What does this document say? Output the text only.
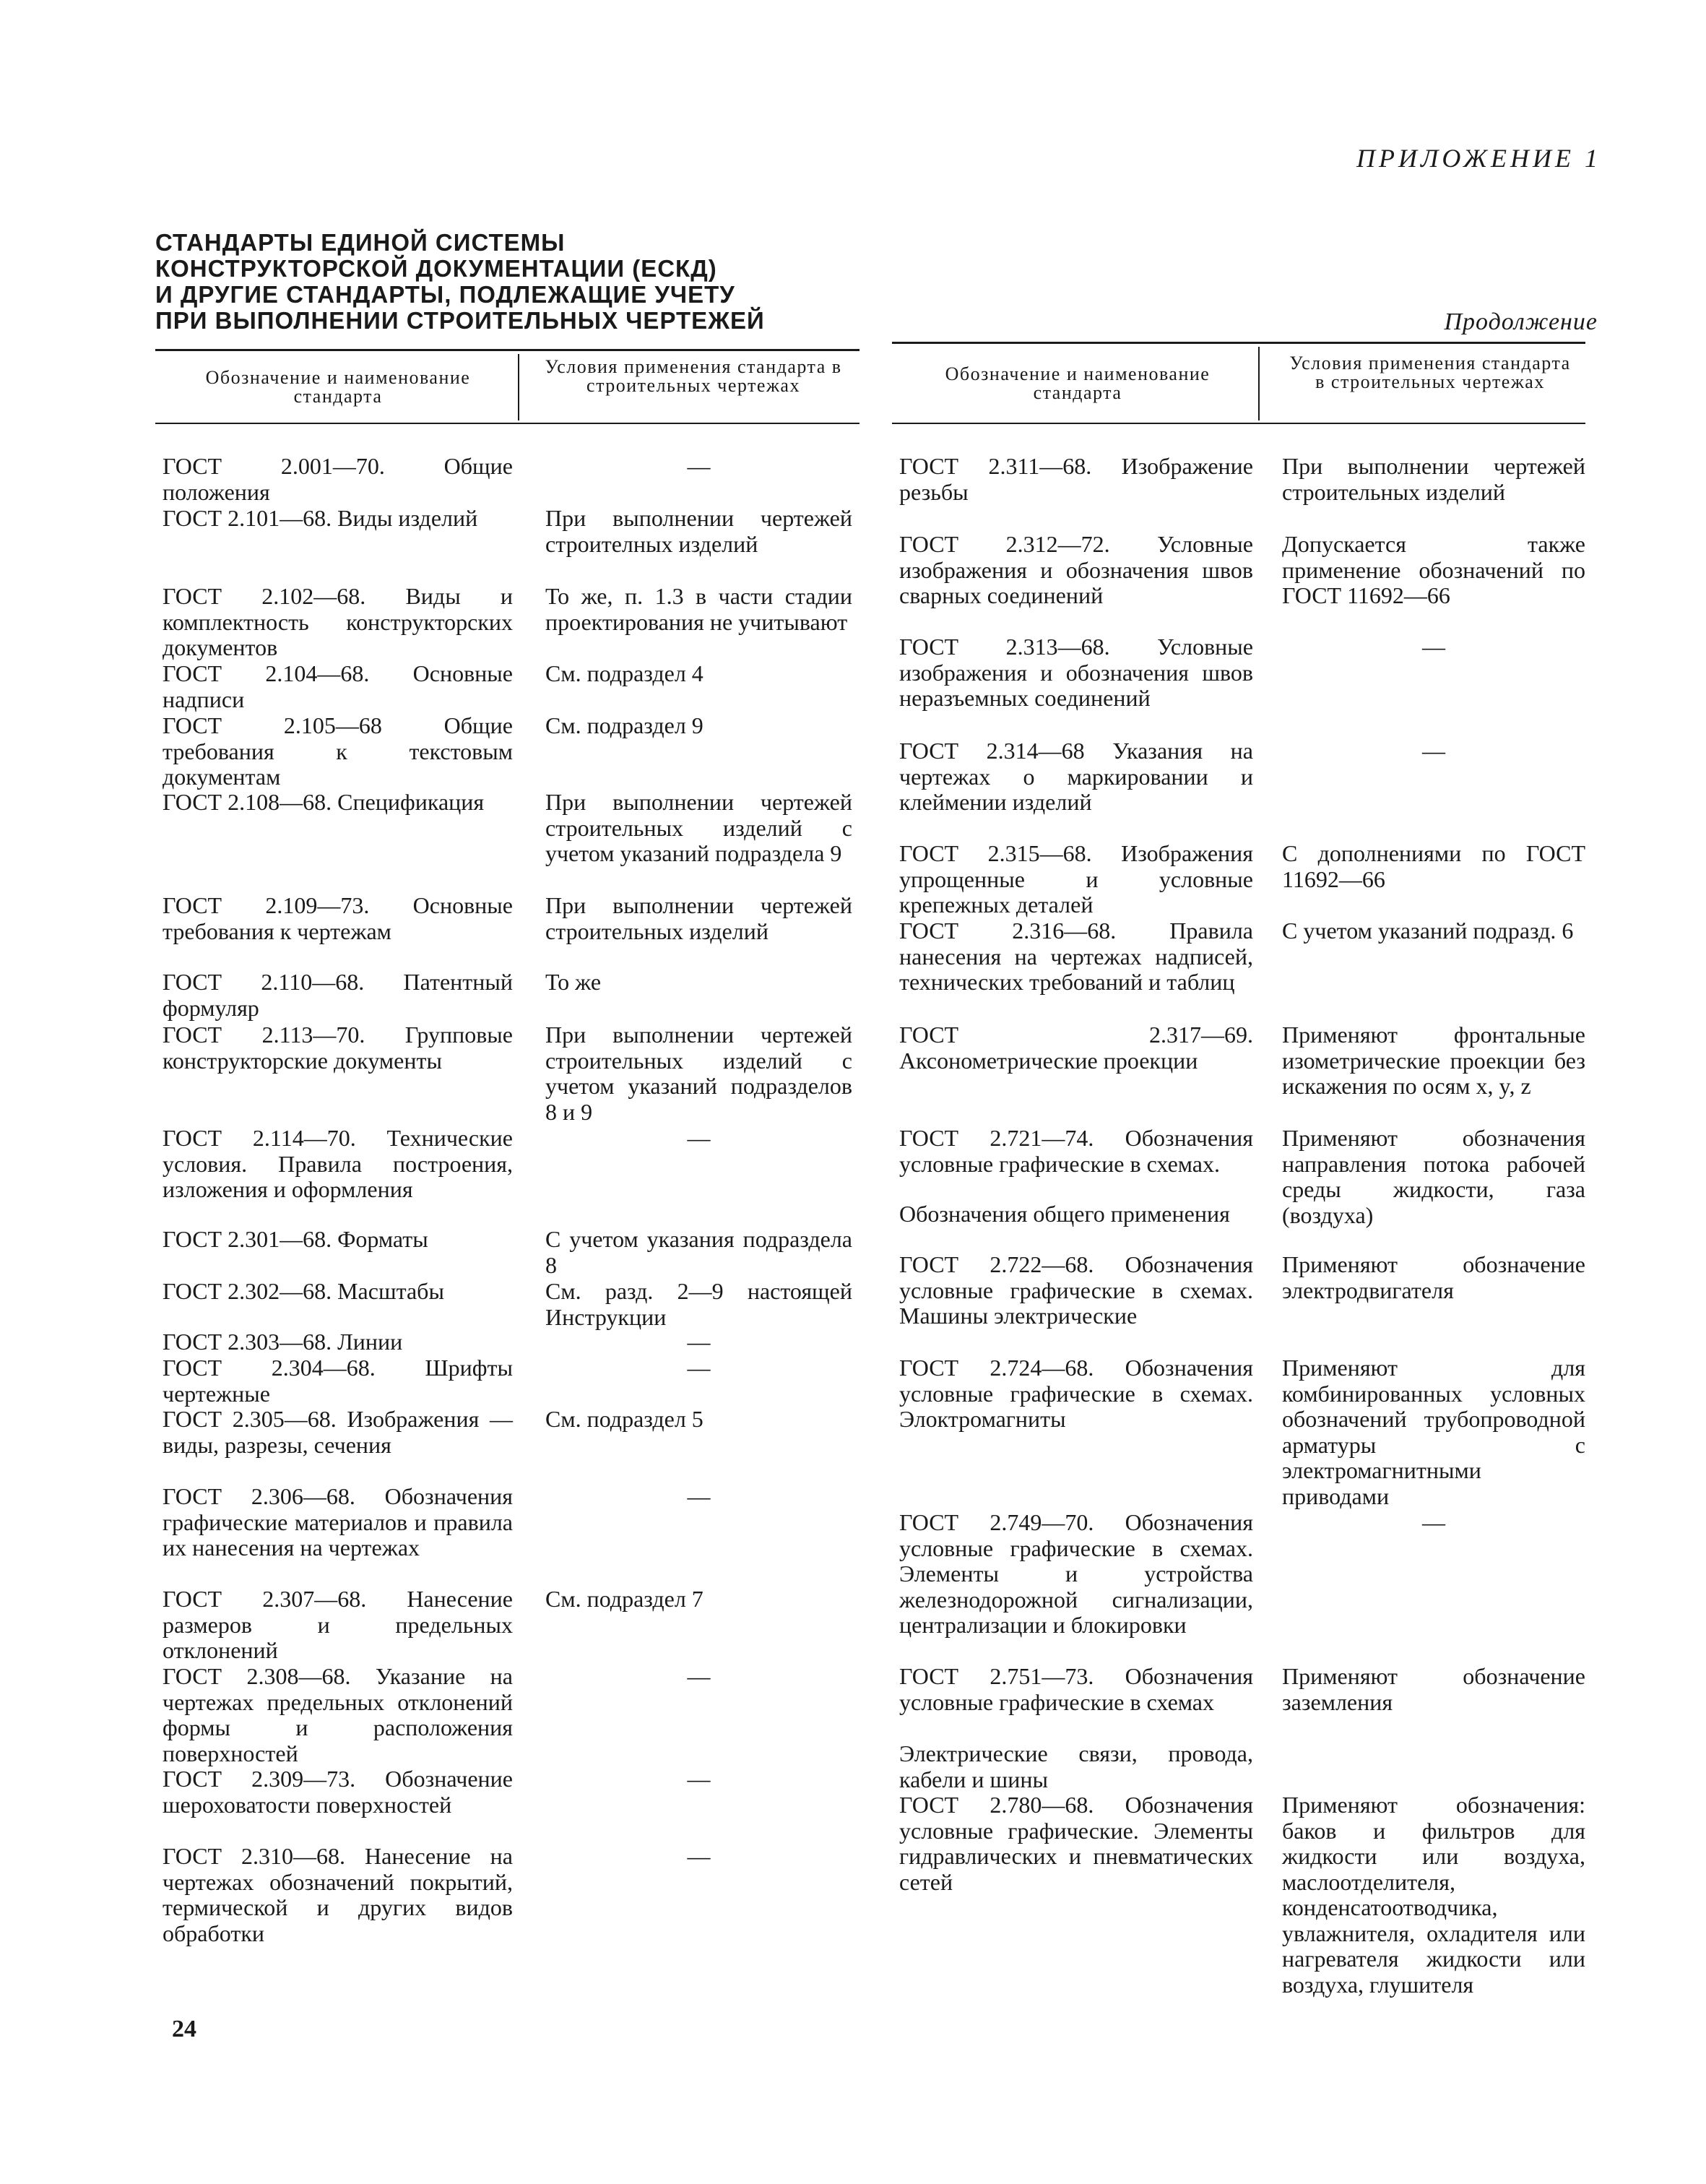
ПРИЛОЖЕНИЕ 1
СТАНДАРТЫ ЕДИНОЙ СИСТЕМЫ
КОНСТРУКТОРСКОЙ ДОКУМЕНТАЦИИ (ЕСКД)
И ДРУГИЕ СТАНДАРТЫ, ПОДЛЕЖАЩИЕ УЧЕТУ
ПРИ ВЫПОЛНЕНИИ СТРОИТЕЛЬНЫХ ЧЕРТЕЖЕЙ	Продолжение
Обозначение и наименование стандарта
Условия применения стандарта в строительных чертежах
Обозначение и наименование стандарта
Условия применения стандарта в строительных чертежах
ГОСТ 2.001—70. Общие положения
ГОСТ 2.101—68. Виды изделий
ГОСТ 2.102—68. Виды и комплектность конструкторских документов
ГОСТ 2.104—68. Основные надписи
ГОСТ 2.105—68 Общие требования к текстовым документам
ГОСТ 2.108—68. Спецификация
ГОСТ 2.109—73. Основные требования к чертежам
ГОСТ 2.110—68. Патентный формуляр
ГОСТ 2.113—70. Групповые конструкторские документы
ГОСТ 2.114—70. Технические условия. Правила построения, изложения и оформления
ГОСТ 2.301—68. Форматы
ГОСТ 2.302—68. Масштабы
ГОСТ 2.303—68. Линии
ГОСТ 2.304—68. Шрифты чертежные
ГОСТ 2.305—68. Изображения — виды, разрезы, сечения
ГОСТ 2.306—68. Обозначения графические материалов и правила их нанесения на чертежах
ГОСТ 2.307—68. Нанесение размеров и предельных отклонений
ГОСТ 2.308—68. Указание на чертежах предельных отклонений формы и расположения поверхностей
ГОСТ 2.309—73. Обозначение шероховатости поверхностей
ГОСТ 2.310—68. Нанесение на чертежах обозначений покрытий, термической и других видов обработки
—
При выполнении чертежей строителных изделий
То же, п. 1.3 в части стадии проектирования не учитывают
См. подраздел 4
См. подраздел 9
При выполнении чертежей строительных изделий с учетом указаний подраздела 9
При выполнении чертежей строительных изделий
То же
При выполнении чертежей строительных изделий с учетом указаний подразделов 8 и 9
—
С учетом указания подраздела 8
См. разд. 2—9 настоящей Инструкции
—
—
См. подраздел 5
—
См. подраздел 7
—
—
—
ГОСТ 2.311—68. Изображение резьбы
ГОСТ 2.312—72. Условные изображения и обозначения швов сварных соединений
ГОСТ 2.313—68. Условные изображения и обозначения швов неразъемных соединений
ГОСТ 2.314—68 Указания на чертежах о маркировании и клеймении изделий
ГОСТ 2.315—68. Изображения упрощенные и условные крепежных деталей
ГОСТ 2.316—68. Правила нанесения на чертежах надписей, технических требований и таблиц
ГОСТ 2.317—69. Аксонометрические проекции
ГОСТ 2.721—74. Обозначения условные графические в схемах.
Обозначения общего применения
ГОСТ 2.722—68. Обозначения условные графические в схемах. Машины электрические
ГОСТ 2.724—68. Обозначения условные графические в схемах. Элоктромагниты
ГОСТ 2.749—70. Обозначения условные графические в схемах. Элементы и устройства железнодорожной сигнализации, централизации и блокировки
ГОСТ 2.751—73. Обозначения условные графические в схемах
Электрические связи, провода, кабели и шины
ГОСТ 2.780—68. Обозначения условные графические. Элементы гидравлических и пневматических сетей
При выполнении чертежей строительных изделий
Допускается также применение обозначений по ГОСТ 11692—66
—
—
С дополнениями по ГОСТ 11692—66
С учетом указаний подразд. 6
Применяют фронтальные изометрические проекции без искажения по осям x, y, z
Применяют обозначения направления потока рабочей среды жидкости, газа (воздуха)
Применяют обозначение электродвигателя
Применяют для комбинированных условных обозначений трубопроводной арматуры с электромагнитными приводами
—
Применяют обозначение заземления
Применяют обозначения: баков и фильтров для жидкости или воздуха, маслоотделителя, конденсатоотводчика, увлажнителя, охладителя или нагревателя жидкости или воздуха, глушителя
24
